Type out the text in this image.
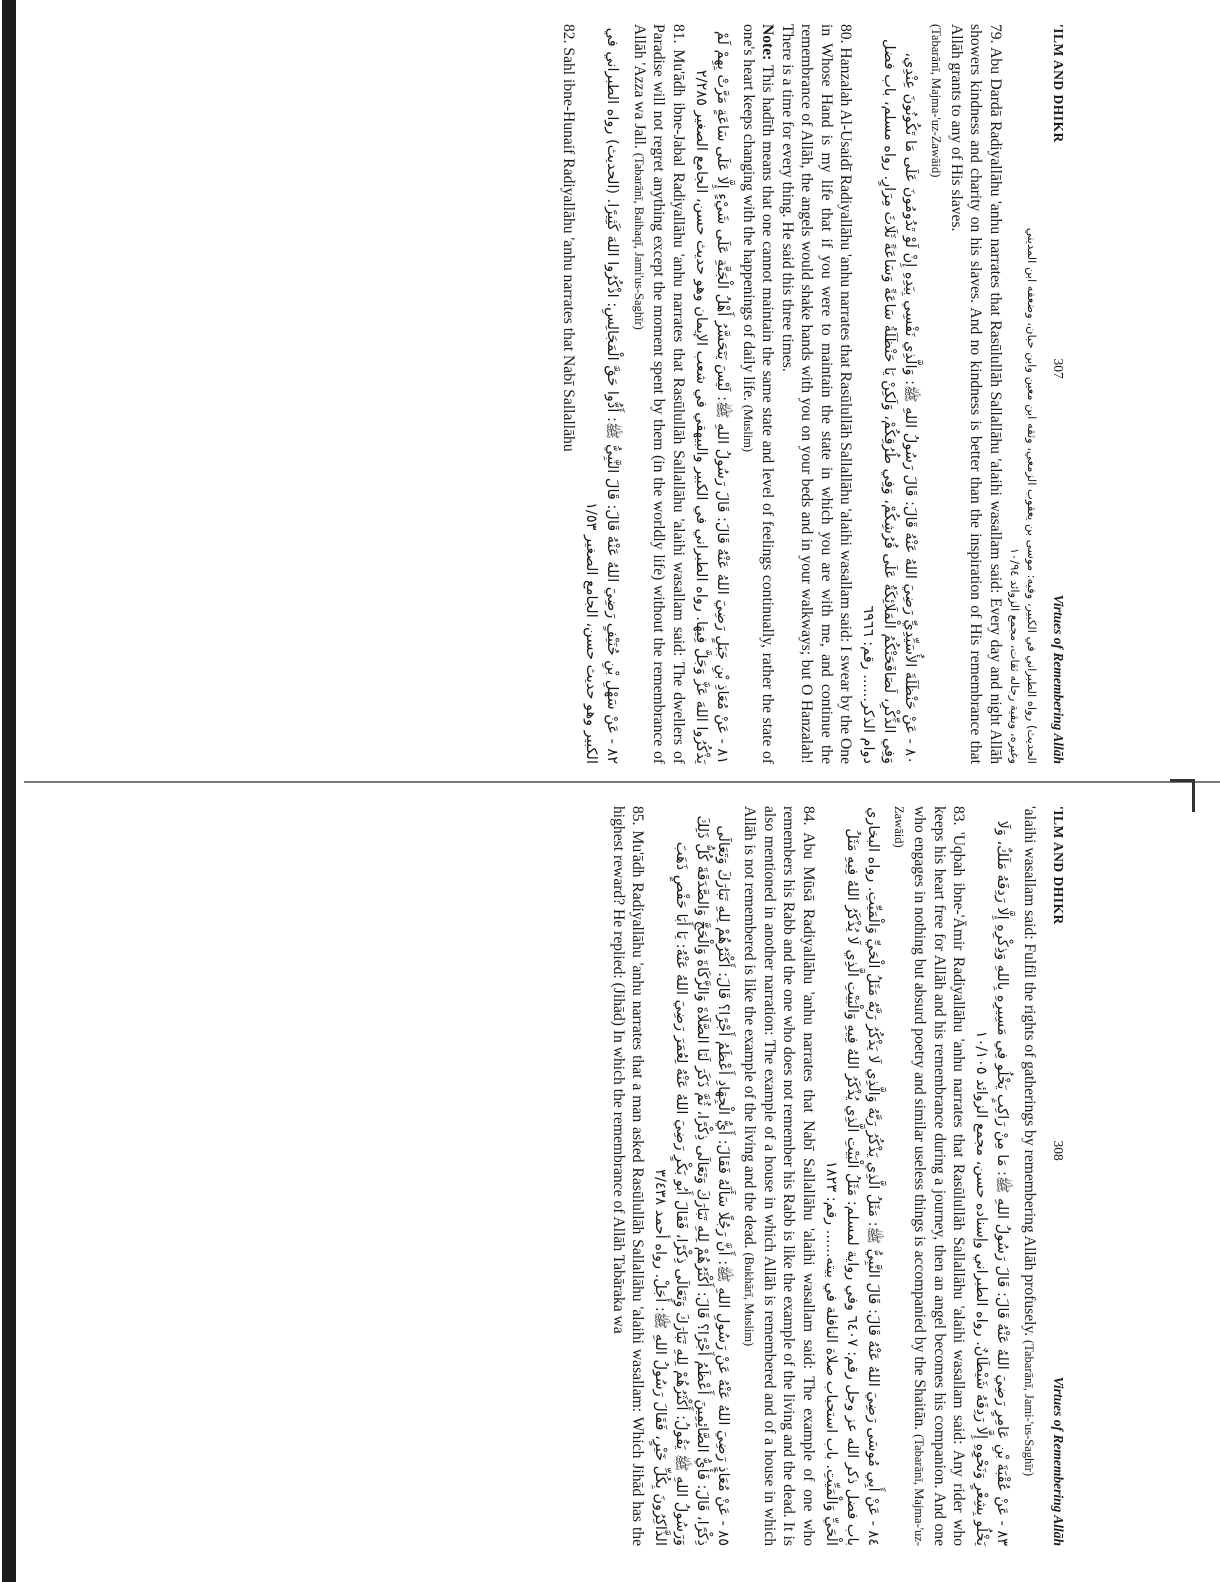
'ILM AND DHIKR
307
Virtues of Remembering Allāh
الحديث) رواه الطبراني في الكبير، وفيه: موسى بن يعقوب الزمعي، وثقه ابن معين وابن حبان، وضعفه ابن المديني
وغيره، وبقية رجاله ثقات، مجمع الزوائد ١٠/٩٤

79. Abu Dardā Radiyallāhu 'anhu narrates that Rasūlullāh Sallallāhu 'alaihi wasallam said: Every day and night Allāh showers kindness and charity on his slaves. And no kindness is better than the inspiration of His remembrance that Allāh grants to any of His slaves.
(Tabarānī, Majma-'uz-Zawāid)

٨٠ - عَنْ حَنْظَلَةَ الأُسَيِّدِيِّ رَضِيَ اللهُ عَنْهُ قَالَ: قَالَ رَسُولُ اللهِ ﷺ: وَالَّذِي نَفْسِي بِيَدِهِ إِنْ لَوْ تَدُومُونَ عَلَى مَا تَكُونُونَ عِنْدِي، وَفِي الذِّكْرِ، لَصَافَحَتْكُمُ الْمَلَائِكَةُ عَلَى فُرُشِكُمْ، وَفِي طُرُقِكُمْ، وَلَكِنْ يَا حَنْظَلَةُ سَاعَةً وَسَاعَةً ثَلَاثَ مِرَارٍ. رواه مسلم، باب فضل دوام الذكر...... رقم: ٦٩٦٦

80. Hanzalah Al-Usaidī Radiyallāhu 'anhu narrates that Rasūlullāh Sallallāhu 'alaihi wasallam said: I swear by the One in Whose Hand is my life that if you were to maintain the state in which you are with me, and continue the remembrance of Allāh, the angels would shake hands with you on your beds and in your walkways; but O Hanzalah! There is a time for every thing. He said this three times.
Note: This hadīth means that one cannot maintain the same state and level of feelings continually, rather the state of one's heart keeps changing with the happenings of daily life. (Muslim)

٨١ - عَنْ مُعَاذِ بْنِ جَبَلٍ رَضِيَ اللهُ عَنْهُ قَالَ: قَالَ رَسُولُ اللهِ ﷺ: لَيْسَ يَتَحَسَّرُ أَهْلُ الْجَنَّةِ عَلَى شَيْءٍ إِلَّا عَلَى سَاعَةٍ مَرَّتْ بِهِمْ لَمْ يَذْكُرُوا اللهَ عَزَّ وَجَلَّ فِيهَا. رواه الطبراني في الكبير والبيهقي في شعب الإيمان وهو حديث حسن، الجامع الصغير ٢/٢٨٥

81. Mu'ādh ibne-Jabal Radiyallāhu 'anhu narrates that Rasūlullāh Sallallāhu 'alaihi wasallam said: The dwellers of Paradise will not regret anything except the moment spent by them (in the worldly life) without the remembrance of Allāh 'Azza wa Jall. (Tabarānī, Baihaqī, Jami'us-Saghīr)

٨٢ - عَنْ سَهْلِ بْنِ حُنَيْفٍ رَضِيَ اللهُ عَنْهُ قَالَ: قَالَ النَّبِيُّ ﷺ: أَدُّوا حَقَّ الْمَجَالِسِ: اذْكُرُوا اللهَ كَثِيرًا. (الحديث) رواه الطبراني في الكبير وهو حديث حسن، الجامع الصغير ١/٥٣

82. Sahl ibne-Hunaif Radiyallāhu 'anhu narrates that Nabī Sallallāhu

'ILM AND DHIKR
308
Virtues of Remembering Allāh

'alaihi wasallam said: Fulfil the rights of gatherings by remembering Allāh profusely. (Tabarānī, Jami-'us-Saghīr)

٨٣ - عَنْ عُقْبَةَ بْنِ عَامِرٍ رَضِيَ اللهُ عَنْهُ قَالَ: قَالَ رَسُولُ اللهِ ﷺ: مَا مِنْ رَاكِبٍ يَخْلُو فِي مَسِيرِهِ بِاللهِ وَذِكْرِهِ إِلَّا رَدِفَهُ مَلَكٌ، وَلَا يَخْلُو بِشِعْرٍ وَنَحْوِهِ إِلَّا رَدِفَهُ شَيْطَانٌ. رواه الطبراني وإسناده حسن، مجمع الزوائد ١٠/١٠٥

83. 'Uqbah ibne-'Āmir Radiyallāhu 'anhu narrates that Rasūlullāh Sallallāhu 'alaihi wasallam said: Any rider who keeps his heart free for Allāh and his remembrance during a journey, then an angel becomes his companion. And one who engages in nothing but absurd poetry and similar useless things is accompanied by the Shaitān. (Tabarānī, Majma-'uz-Zawāid)

٨٤ - عَنْ أَبِي مُوسَى رَضِيَ اللهُ عَنْهُ قَالَ: قَالَ النَّبِيُّ ﷺ: مَثَلُ الَّذِي يَذْكُرُ رَبَّهُ وَالَّذِي لَا يَذْكُرُ رَبَّهُ مَثَلُ الْحَيِّ وَالْمَيِّتِ. رواه البخاري باب فضل ذكر الله عز وجل رقم: ٦٤٠٧ وفي رواية لمسلم: مَثَلُ الْبَيْتِ الَّذِي يُذْكَرُ اللهُ فِيهِ وَالْبَيْتِ الَّذِي لَا يُذْكَرُ اللهُ فِيهِ مَثَلُ الْحَيِّ وَالْمَيِّتِ. باب استحباب صلاة النافلة في بيته...... رقم: ١٨٢٣

84. Abu Mūsā Radiyallāhu 'anhu narrates that Nabī Sallallāhu 'alaihi wasallam said: The example of one who remembers his Rabb and the one who does not remember his Rabb is like the example of the living and the dead. It is also mentioned in another narration: The example of a house in which Allāh is remembered and of a house in which Allāh is not remembered is like the example of the living and the dead. (Bukhārī, Muslim)

٨٥ - عَنْ مُعَاذٍ رَضِيَ اللهُ عَنْهُ عَنْ رَسُولِ اللهِ ﷺ: أَنَّ رَجُلًا سَأَلَهُ فَقَالَ: أَيُّ الْجِهَادِ أَعْظَمُ أَجْرًا؟ قَالَ: أَكْثَرُهُمْ لِلهِ تَبَارَكَ وَتَعَالَى ذِكْرًا، قَالَ: فَأَيُّ الصَّائِمِينَ أَعْظَمُ أَجْرًا؟ قَالَ: أَكْثَرُهُمْ لِلهِ تَبَارَكَ وَتَعَالَى ذِكْرًا، ثُمَّ ذَكَرَ لَنَا الصَّلَاةَ وَالزَّكَاةَ وَالْحَجَّ وَالصَّدَقَةَ كُلُّ ذَلِكَ وَرَسُولُ اللهِ ﷺ يَقُولُ: أَكْثَرُهُمْ لِلهِ تَبَارَكَ وَتَعَالَى ذِكْرًا، فَقَالَ أَبُو بَكْرٍ رَضِيَ اللهُ عَنْهُ لِعُمَرَ رَضِيَ اللهُ عَنْهُ: يَا أَبَا حَفْصٍ ذَهَبَ الذَّاكِرُونَ بِكُلِّ خَيْرٍ، فَقَالَ رَسُولُ اللهِ ﷺ: أَجَلْ. رواه أحمد ٣/٤٣٨

85. Mu'ādh Radiyallāhu 'anhu narrates that a man asked Rasūlullāh Sallallāhu 'alaihi wasallam: Which Jihād has the highest reward? He replied: (Jihād) In which the remembrance of Allāh Tabāraka wa
